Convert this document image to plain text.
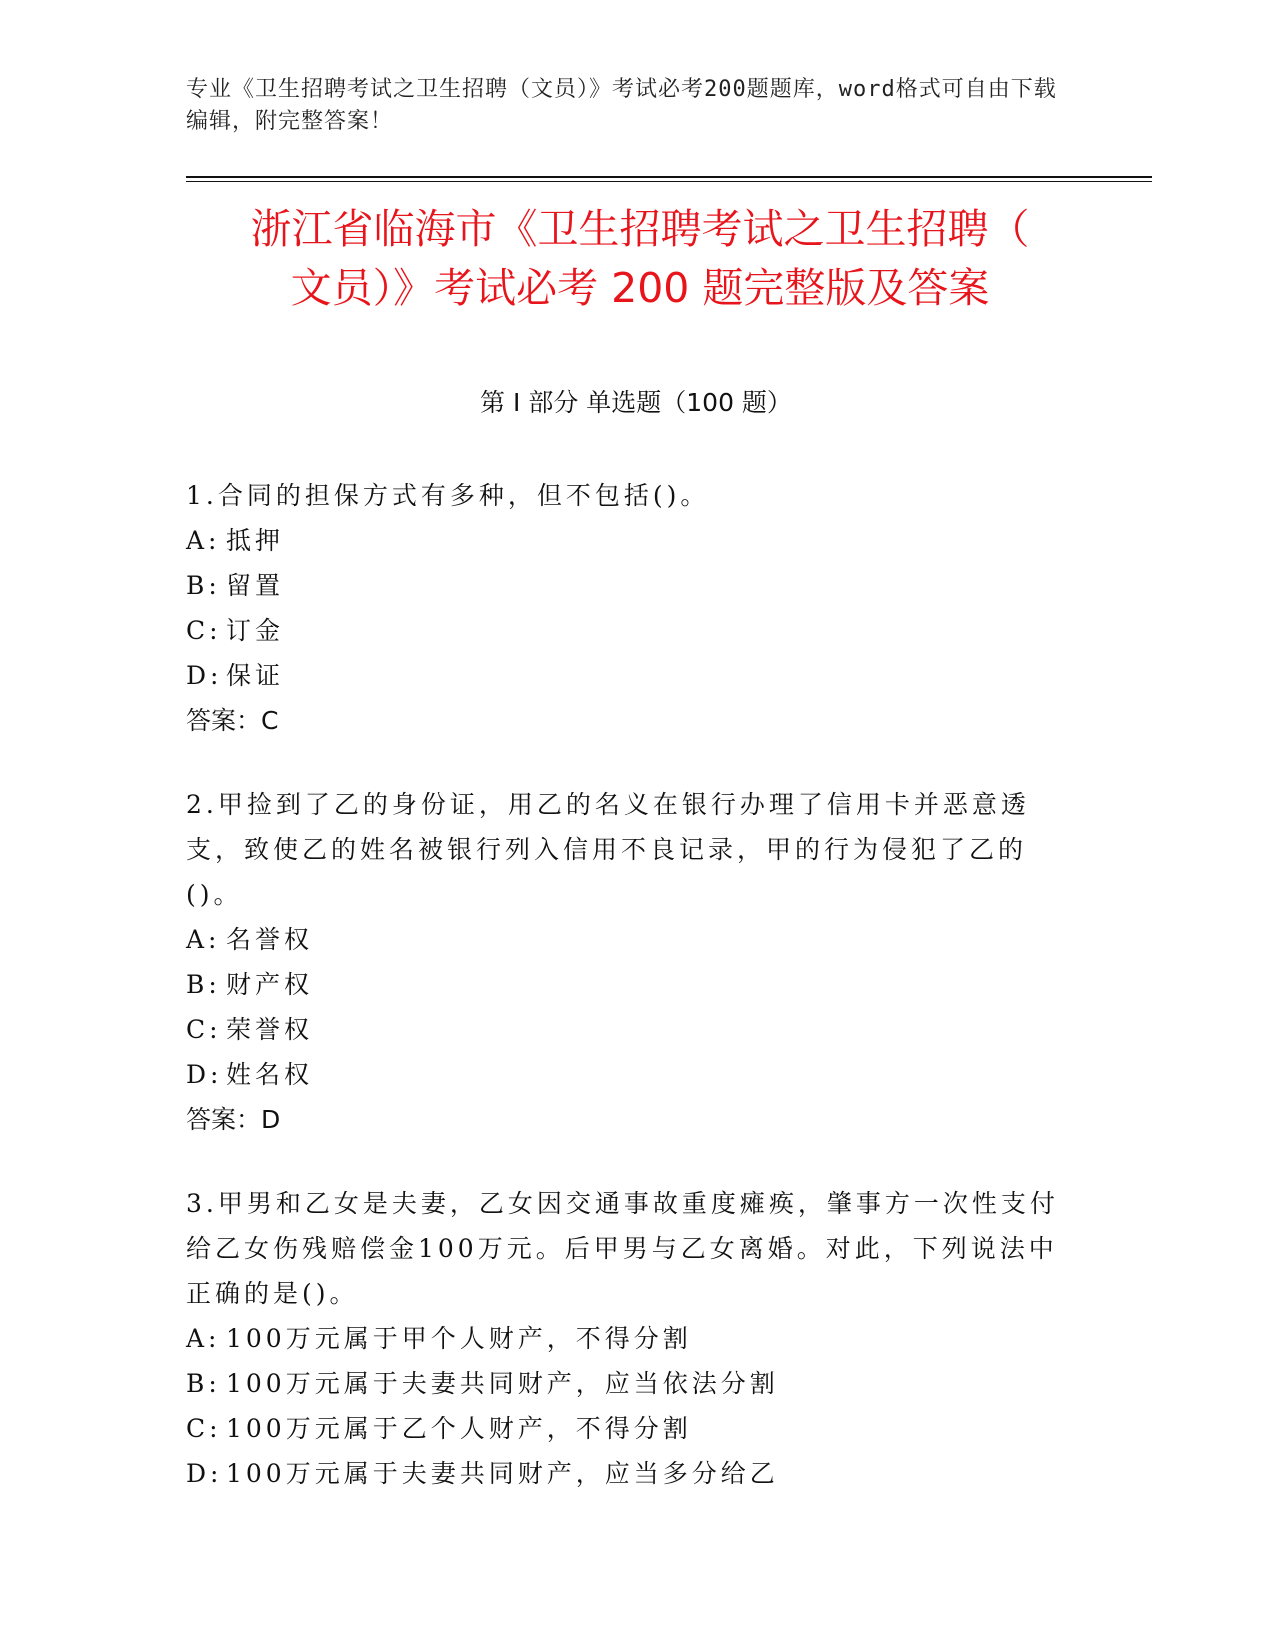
专业《卫生招聘考试之卫生招聘（文员）》考试必考200题题库，word格式可自由下载编辑，附完整答案！
浙江省临海市《卫生招聘考试之卫生招聘（
文员）》考试必考 200 题完整版及答案
第 I 部分 单选题（100 题）

1.合同的担保方式有多种，但不包括()。

A: 抵押

B: 留置

C: 订金

D: 保证

答案：C

2.甲捡到了乙的身份证，用乙的名义在银行办理了信用卡并恶意透支，致使乙的姓名被银行列入信用不良记录，甲的行为侵犯了乙的()。

A: 名誉权

B: 财产权

C: 荣誉权

D: 姓名权

答案：D

3.甲男和乙女是夫妻，乙女因交通事故重度瘫痪，肇事方一次性支付给乙女伤残赔偿金100万元。后甲男与乙女离婚。对此，下列说法中正确的是()。

A: 100万元属于甲个人财产，不得分割

B: 100万元属于夫妻共同财产，应当依法分割

C: 100万元属于乙个人财产，不得分割

D: 100万元属于夫妻共同财产，应当多分给乙
